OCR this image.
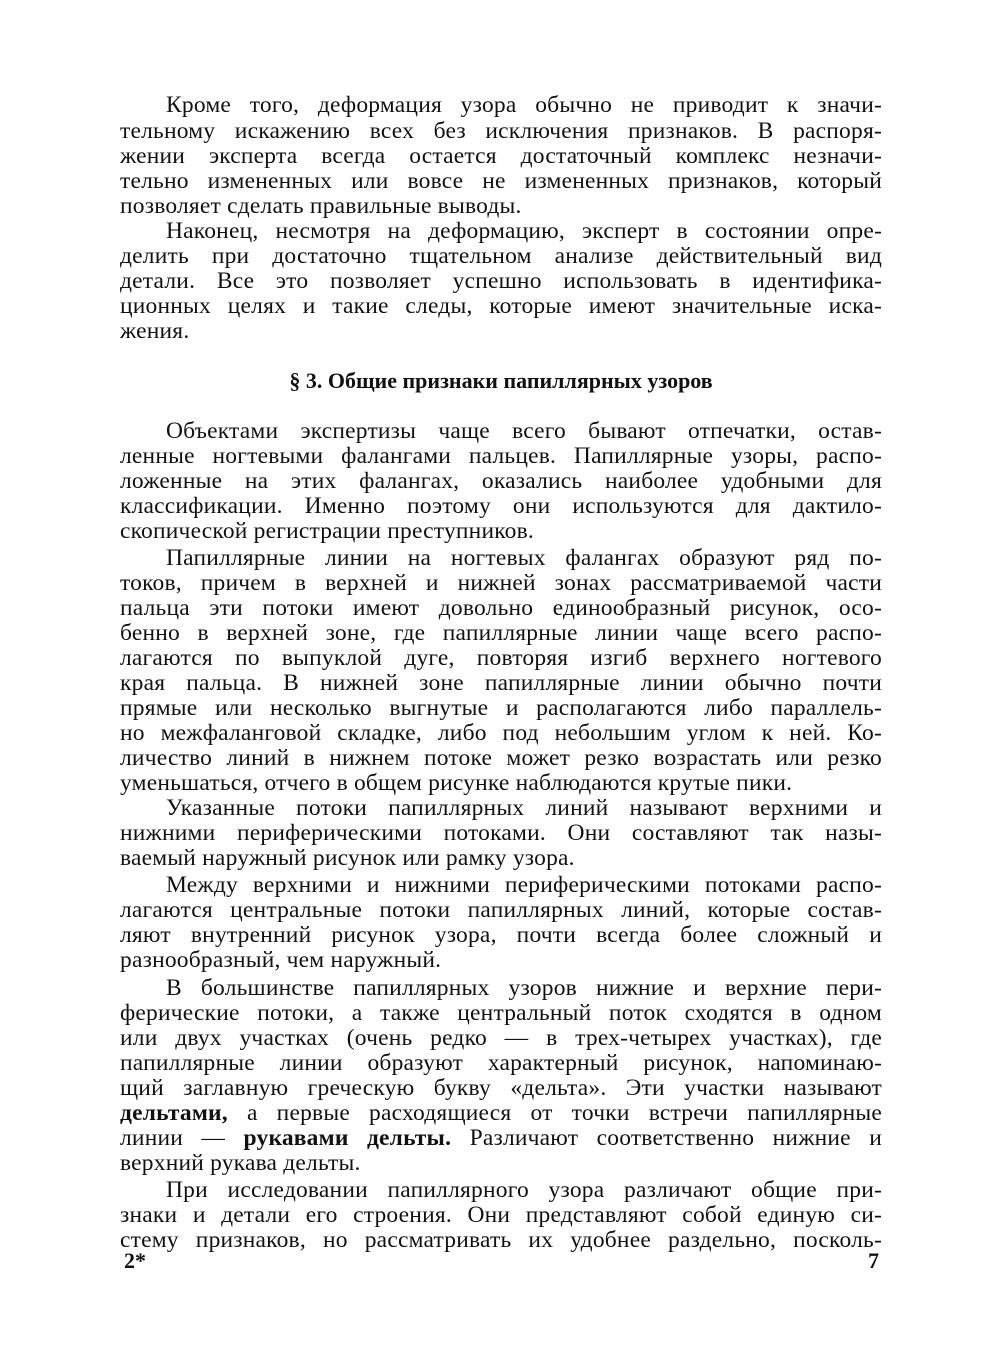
Кроме того, деформация узора обычно не приводит к значи-
тельному искажению всех без исключения признаков. В распоря-
жении эксперта всегда остается достаточный комплекс незначи-
тельно измененных или вовсе не измененных признаков, который
позволяет сделать правильные выводы.
Наконец, несмотря на деформацию, эксперт в состоянии опре-
делить при достаточно тщательном анализе действительный вид
детали. Все это позволяет успешно использовать в идентифика-
ционных целях и такие следы, которые имеют значительные иска-
жения.
§ 3. Общие признаки папиллярных узоров
Объектами экспертизы чаще всего бывают отпечатки, остав-
ленные ногтевыми фалангами пальцев. Папиллярные узоры, распо-
ложенные на этих фалангах, оказались наиболее удобными для
классификации. Именно поэтому они используются для дактило-
скопической регистрации преступников.
Папиллярные линии на ногтевых фалангах образуют ряд по-
токов, причем в верхней и нижней зонах рассматриваемой части
пальца эти потоки имеют довольно единообразный рисунок, осо-
бенно в верхней зоне, где папиллярные линии чаще всего распо-
лагаются по выпуклой дуге, повторяя изгиб верхнего ногтевого
края пальца. В нижней зоне папиллярные линии обычно почти
прямые или несколько выгнутые и располагаются либо параллель-
но межфаланговой складке, либо под небольшим углом к ней. Ко-
личество линий в нижнем потоке может резко возрастать или резко
уменьшаться, отчего в общем рисунке наблюдаются крутые пики.
Указанные потоки папиллярных линий называют верхними и
нижними периферическими потоками. Они составляют так назы-
ваемый наружный рисунок или рамку узора.
Между верхними и нижними периферическими потоками распо-
лагаются центральные потоки папиллярных линий, которые состав-
ляют внутренний рисунок узора, почти всегда более сложный и
разнообразный, чем наружный.
В большинстве папиллярных узоров нижние и верхние пери-
ферические потоки, а также центральный поток сходятся в одном
или двух участках (очень редко — в трех-четырех участках), где
папиллярные линии образуют характерный рисунок, напоминаю-
щий заглавную греческую букву «дельта». Эти участки называют
дельтами, а первые расходящиеся от точки встречи папиллярные
линии — рукавами дельты. Различают соответственно нижние и
верхний рукава дельты.
При исследовании папиллярного узора различают общие при-
знаки и детали его строения. Они представляют собой единую си-
стему признаков, но рассматривать их удобнее раздельно, посколь-
2*	7
